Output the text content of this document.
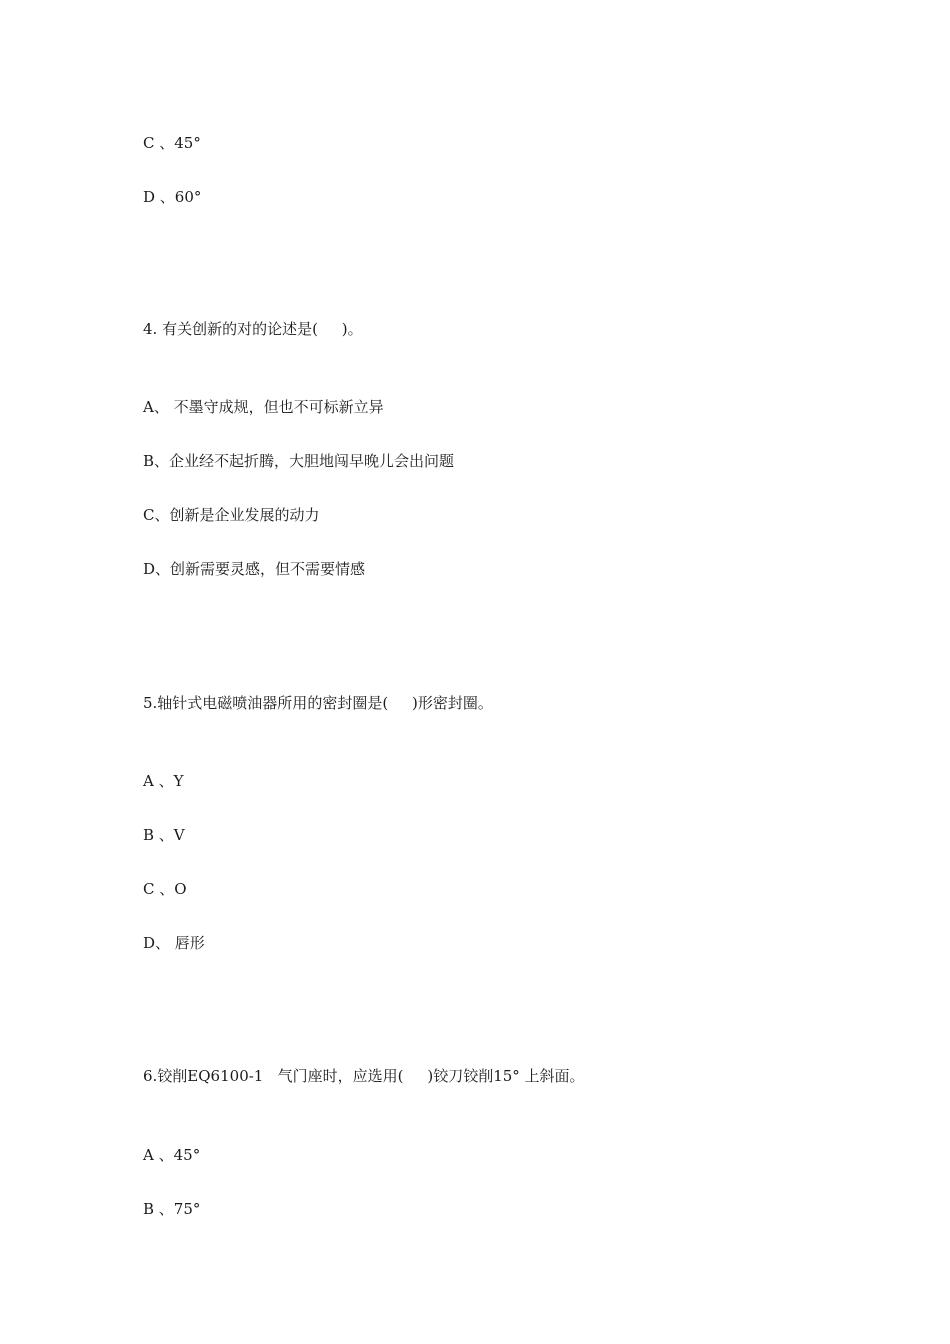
C 、45°
D 、60°
4. 有关创新的对的论述是(     )。
A、 不墨守成规，但也不可标新立异
B、企业经不起折腾，大胆地闯早晚儿会出问题
C、创新是企业发展的动力
D、创新需要灵感，但不需要情感
5.轴针式电磁喷油器所用的密封圈是(     )形密封圈。
A 、Y
B 、V
C 、O
D、 唇形
6.铰削EQ6100-1   气门座时，应选用(     )铰刀铰削15° 上斜面。
A 、45°
B 、75°
